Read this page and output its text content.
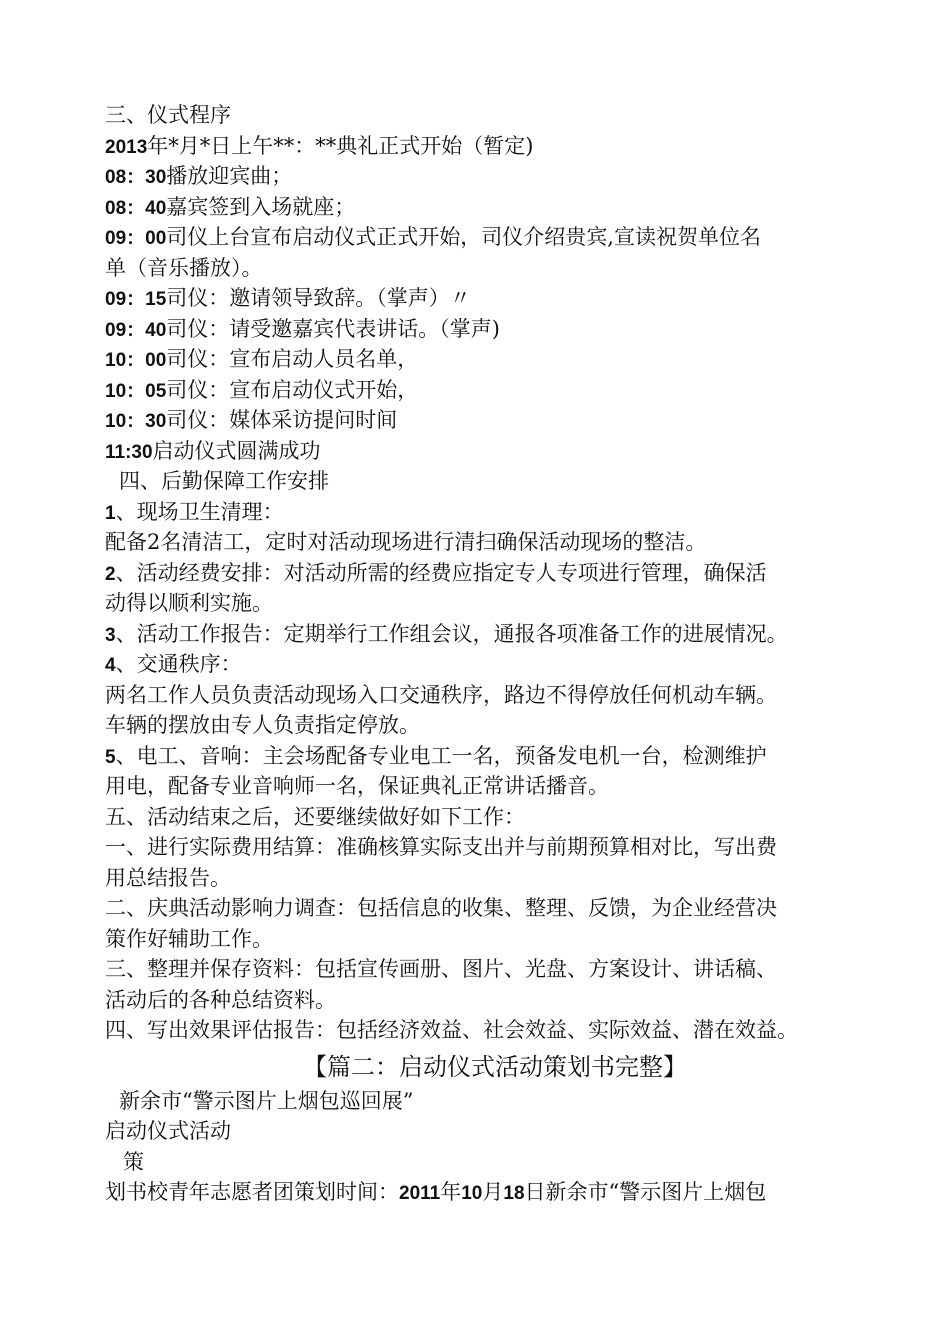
三、仪式程序
2013年*月*日上午**：**典礼正式开始（暂定)
08：30播放迎宾曲；
08：40嘉宾签到入场就座；
09：00司仪上台宣布启动仪式正式开始，司仪介绍贵宾,宣读祝贺单位名
单（音乐播放）。
09：15司仪：邀请领导致辞。（掌声）〃
09：40司仪：请受邀嘉宾代表讲话。（掌声)
10：00司仪：宣布启动人员名单，
10：05司仪：宣布启动仪式开始，
10：30司仪：媒体采访提问时间
11:30启动仪式圆满成功
四、后勤保障工作安排
1、现场卫生清理：
配备2名清洁工，定时对活动现场进行清扫确保活动现场的整洁。
2、活动经费安排：对活动所需的经费应指定专人专项进行管理，确保活
动得以顺利实施。
3、活动工作报告：定期举行工作组会议，通报各项准备工作的进展情况。
4、交通秩序：
两名工作人员负责活动现场入口交通秩序，路边不得停放任何机动车辆。
车辆的摆放由专人负责指定停放。
5、电工、音响：主会场配备专业电工一名，预备发电机一台，检测维护
用电，配备专业音响师一名，保证典礼正常讲话播音。
五、活动结束之后，还要继续做好如下工作：
一、进行实际费用结算：准确核算实际支出并与前期预算相对比，写出费
用总结报告。
二、庆典活动影响力调查：包括信息的收集、整理、反馈，为企业经营决
策作好辅助工作。
三、整理并保存资料：包括宣传画册、图片、光盘、方案设计、讲话稿、
活动后的各种总结资料。
四、写出效果评估报告：包括经济效益、社会效益、实际效益、潜在效益。
【篇二：启动仪式活动策划书完整】
新余市“警示图片上烟包巡回展”
启动仪式活动
策
划书校青年志愿者团策划时间：2011年10月18日新余市“警示图片上烟包
